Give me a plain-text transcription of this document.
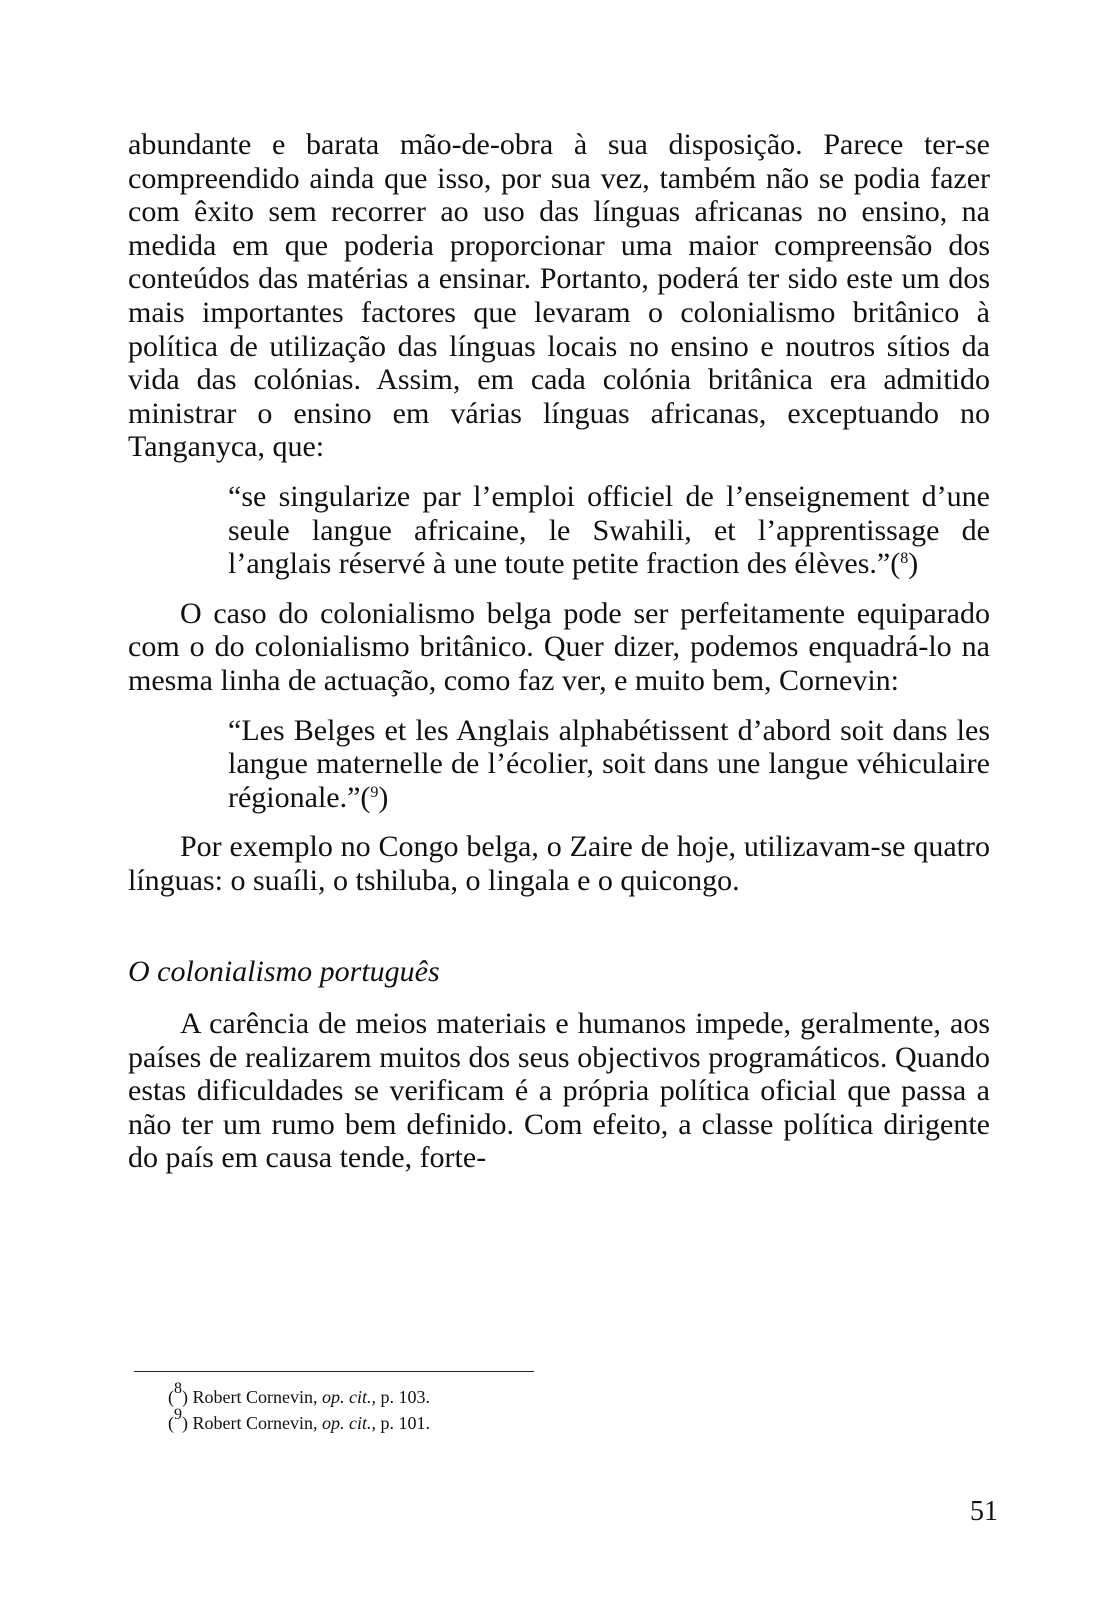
abundante e barata mão-de-obra à sua disposição. Parece ter-se compreendido ainda que isso, por sua vez, também não se podia fazer com êxito sem recorrer ao uso das línguas africanas no ensino, na medida em que poderia proporcionar uma maior compreensão dos conteúdos das matérias a ensinar. Portanto, poderá ter sido este um dos mais importantes factores que levaram o colonialismo britânico à política de utilização das línguas locais no ensino e noutros sítios da vida das colónias. Assim, em cada colónia britânica era admitido ministrar o ensino em várias línguas africanas, exceptuando no Tanganyca, que:

“se singularize par l’emploi officiel de l’enseignement d’une seule langue africaine, le Swahili, et l’apprentissage de l’anglais réservé à une toute petite fraction des élèves.”($^8$)

O caso do colonialismo belga pode ser perfeitamente equiparado com o do colonialismo britânico. Quer dizer, podemos enquadrá-lo na mesma linha de actuação, como faz ver, e muito bem, Cornevin:

“Les Belges et les Anglais alphabétissent d’abord soit dans les langue maternelle de l’écolier, soit dans une langue véhiculaire régionale.”($^9$)

Por exemplo no Congo belga, o Zaire de hoje, utilizavam-se quatro línguas: o suaíli, o tshiluba, o lingala e o quicongo.

O colonialismo português

A carência de meios materiais e humanos impede, geralmente, aos países de realizarem muitos dos seus objectivos programáticos. Quando estas dificuldades se verificam é a própria política oficial que passa a não ter um rumo bem definido. Com efeito, a classe política dirigente do país em causa tende, forte-

($^8$) Robert Cornevin, op. cit., p. 103.
($^9$) Robert Cornevin, op. cit., p. 101.
51
